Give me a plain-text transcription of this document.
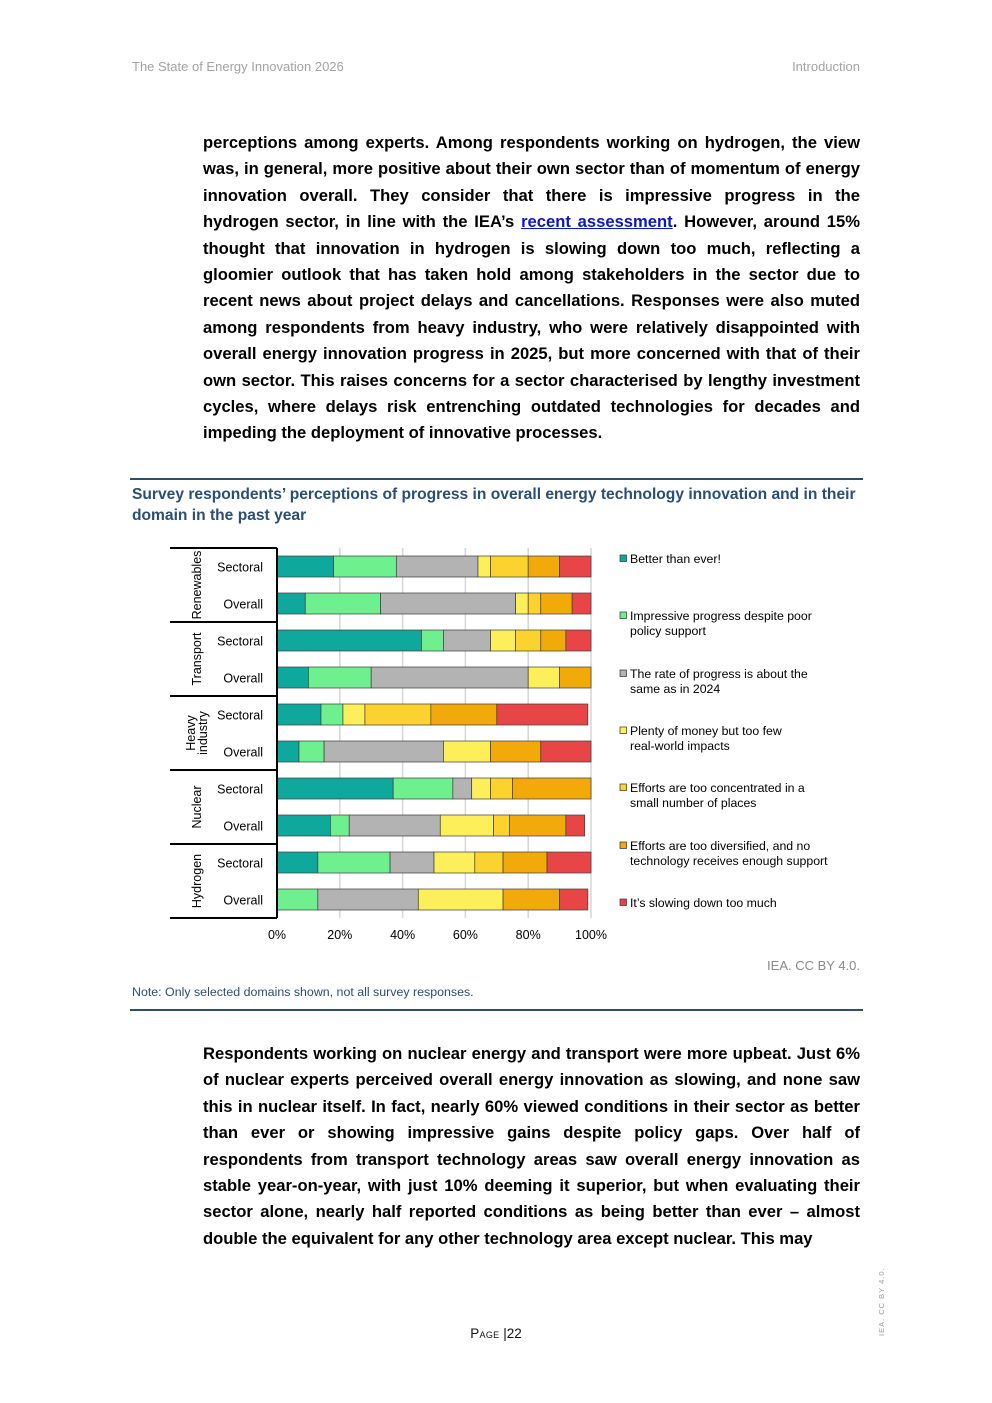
The State of Energy Innovation 2026	Introduction
perceptions among experts. Among respondents working on hydrogen, the view was, in general, more positive about their own sector than of momentum of energy innovation overall. They consider that there is impressive progress in the hydrogen sector, in line with the IEA’s recent assessment. However, around 15% thought that innovation in hydrogen is slowing down too much, reflecting a gloomier outlook that has taken hold among stakeholders in the sector due to recent news about project delays and cancellations. Responses were also muted among respondents from heavy industry, who were relatively disappointed with overall energy innovation progress in 2025, but more concerned with that of their own sector. This raises concerns for a sector characterised by lengthy investment cycles, where delays risk entrenching outdated technologies for decades and impeding the deployment of innovative processes.
Survey respondents’ perceptions of progress in overall energy technology innovation and in their domain in the past year
Sectoral
Overall
Sectoral
Overall
Sectoral
Overall
Sectoral
Overall
Sectoral
Overall
Renewables
Transport
Heavyindustry
Nuclear
Hydrogen
0%	20%	40%	60%	80%	100%
Better than ever!
Impressive progress despite poor policy support
The rate of progress is about the same as in 2024
Plenty of money but too few real-world impacts
Efforts are too concentrated in a small number of places
Efforts are too diversified, and no technology receives enough support
It’s slowing down too much
IEA. CC BY 4.0.
Note: Only selected domains shown, not all survey responses.
Respondents working on nuclear energy and transport were more upbeat. Just 6% of nuclear experts perceived overall energy innovation as slowing, and none saw this in nuclear itself. In fact, nearly 60% viewed conditions in their sector as better than ever or showing impressive gains despite policy gaps. Over half of respondents from transport technology areas saw overall energy innovation as stable year-on-year, with just 10% deeming it superior, but when evaluating their sector alone, nearly half reported conditions as being better than ever – almost double the equivalent for any other technology area except nuclear. This may
Page |22	IEA. CC BY 4.0.
